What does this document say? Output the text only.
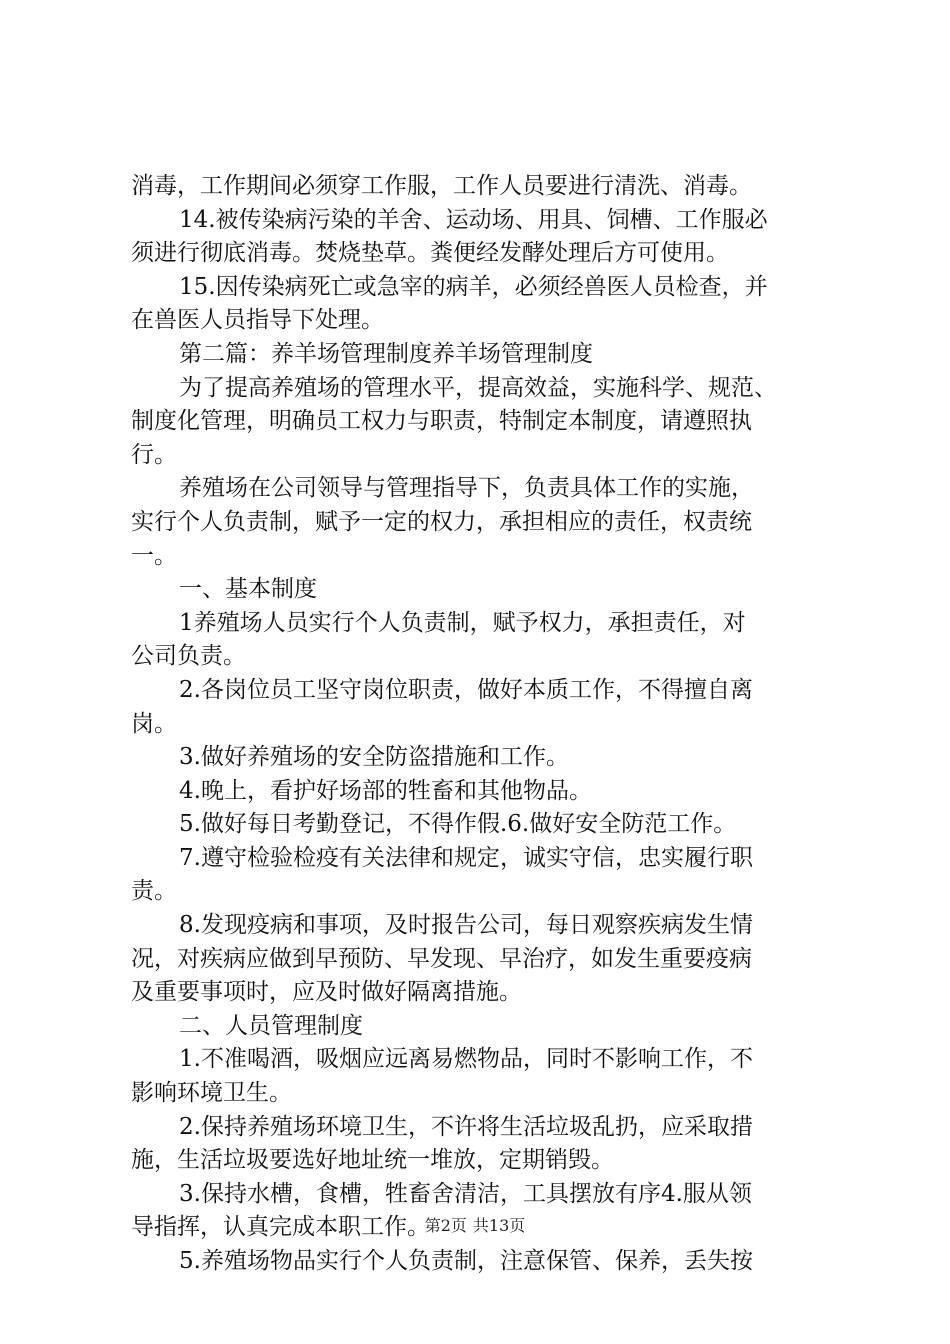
消毒，工作期间必须穿工作服，工作人员要进行清洗、消毒。
14.被传染病污染的羊舍、运动场、用具、饲槽、工作服必
须进行彻底消毒。焚烧垫草。粪便经发酵处理后方可使用。
15.因传染病死亡或急宰的病羊，必须经兽医人员检查，并
在兽医人员指导下处理。
第二篇：养羊场管理制度养羊场管理制度
为了提高养殖场的管理水平，提高效益，实施科学、规范、
制度化管理，明确员工权力与职责，特制定本制度，请遵照执
行。
养殖场在公司领导与管理指导下，负责具体工作的实施，
实行个人负责制，赋予一定的权力，承担相应的责任，权责统
一。
一、基本制度
1养殖场人员实行个人负责制，赋予权力，承担责任，对
公司负责。
2.各岗位员工坚守岗位职责，做好本质工作，不得擅自离
岗。
3.做好养殖场的安全防盗措施和工作。
4.晚上，看护好场部的牲畜和其他物品。
5.做好每日考勤登记，不得作假.6.做好安全防范工作。
7.遵守检验检疫有关法律和规定，诚实守信，忠实履行职
责。
8.发现疫病和事项，及时报告公司，每日观察疾病发生情
况，对疾病应做到早预防、早发现、早治疗，如发生重要疫病
及重要事项时，应及时做好隔离措施。
二、人员管理制度
1.不准喝酒，吸烟应远离易燃物品，同时不影响工作，不
影响环境卫生。
2.保持养殖场环境卫生，不许将生活垃圾乱扔，应采取措
施，生活垃圾要选好地址统一堆放，定期销毁。
3.保持水槽，食槽，牲畜舍清洁，工具摆放有序4.服从领
导指挥，认真完成本职工作。
5.养殖场物品实行个人负责制，注意保管、保养，丢失按
第2页 共13页
